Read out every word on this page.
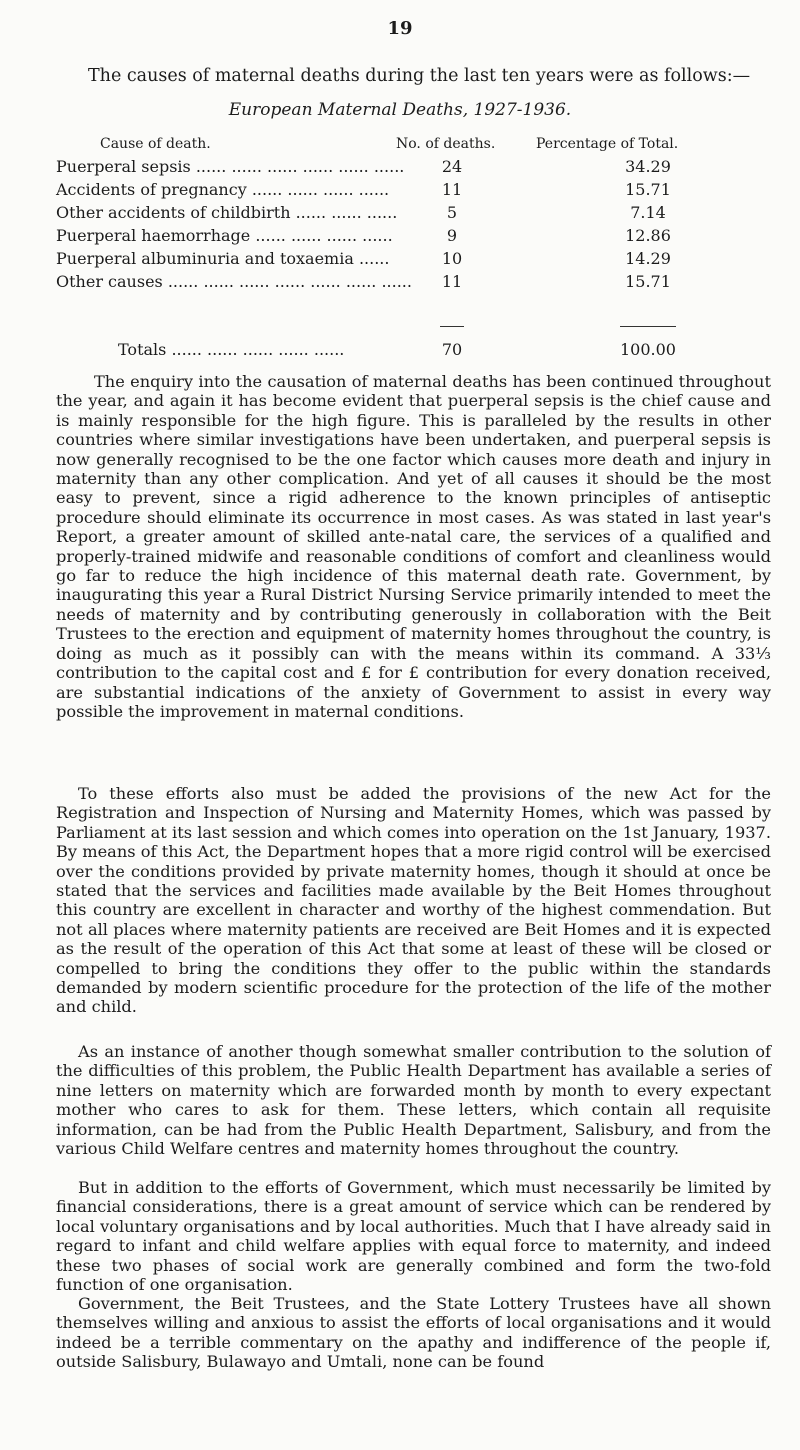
19
The causes of maternal deaths during the last ten years were as follows:—
European Maternal Deaths, 1927-1936.
Cause of death.	No. of deaths.	Percentage of Total.
Puerperal sepsis ...... ...... ...... ...... ...... ......	24	34.29
Accidents of pregnancy ...... ...... ...... ......	11	15.71
Other accidents of childbirth ...... ...... ......	5	7.14
Puerperal haemorrhage ...... ...... ...... ......	9	12.86
Puerperal albuminuria and toxaemia ......	10	14.29
Other causes ...... ...... ...... ...... ...... ...... ......	11	15.71
Totals ...... ...... ...... ...... ......	70	100.00

The enquiry into the causation of maternal deaths has been continued throughout the year, and again it has become evident that puerperal sepsis is the chief cause and is mainly responsible for the high figure. This is paralleled by the results in other countries where similar investigations have been undertaken, and puerperal sepsis is now generally recognised to be the one factor which causes more death and injury in maternity than any other complication. And yet of all causes it should be the most easy to prevent, since a rigid adherence to the known principles of antiseptic procedure should eliminate its occurrence in most cases. As was stated in last year's Report, a greater amount of skilled ante-natal care, the services of a qualified and properly-trained midwife and reasonable conditions of comfort and cleanliness would go far to reduce the high incidence of this maternal death rate. Government, by inaugurating this year a Rural District Nursing Service primarily intended to meet the needs of maternity and by contributing generously in collaboration with the Beit Trustees to the erection and equipment of maternity homes throughout the country, is doing as much as it possibly can with the means within its command. A 33⅓ contribution to the capital cost and £ for £ contribution for every donation received, are substantial indications of the anxiety of Government to assist in every way possible the improvement in maternal conditions.

To these efforts also must be added the provisions of the new Act for the Registration and Inspection of Nursing and Maternity Homes, which was passed by Parliament at its last session and which comes into operation on the 1st January, 1937. By means of this Act, the Department hopes that a more rigid control will be exercised over the conditions provided by private maternity homes, though it should at once be stated that the services and facilities made available by the Beit Homes throughout this country are excellent in character and worthy of the highest commendation. But not all places where maternity patients are received are Beit Homes and it is expected as the result of the operation of this Act that some at least of these will be closed or compelled to bring the conditions they offer to the public within the standards demanded by modern scientific procedure for the protection of the life of the mother and child.

As an instance of another though somewhat smaller contribution to the solution of the difficulties of this problem, the Public Health Department has available a series of nine letters on maternity which are forwarded month by month to every expectant mother who cares to ask for them. These letters, which contain all requisite information, can be had from the Public Health Department, Salisbury, and from the various Child Welfare centres and maternity homes throughout the country.

But in addition to the efforts of Government, which must necessarily be limited by financial considerations, there is a great amount of service which can be rendered by local voluntary organisations and by local authorities. Much that I have already said in regard to infant and child welfare applies with equal force to maternity, and indeed these two phases of social work are generally combined and form the two-fold function of one organisation.

Government, the Beit Trustees, and the State Lottery Trustees have all shown themselves willing and anxious to assist the efforts of local organisations and it would indeed be a terrible commentary on the apathy and indifference of the people if, outside Salisbury, Bulawayo and Umtali, none can be found
